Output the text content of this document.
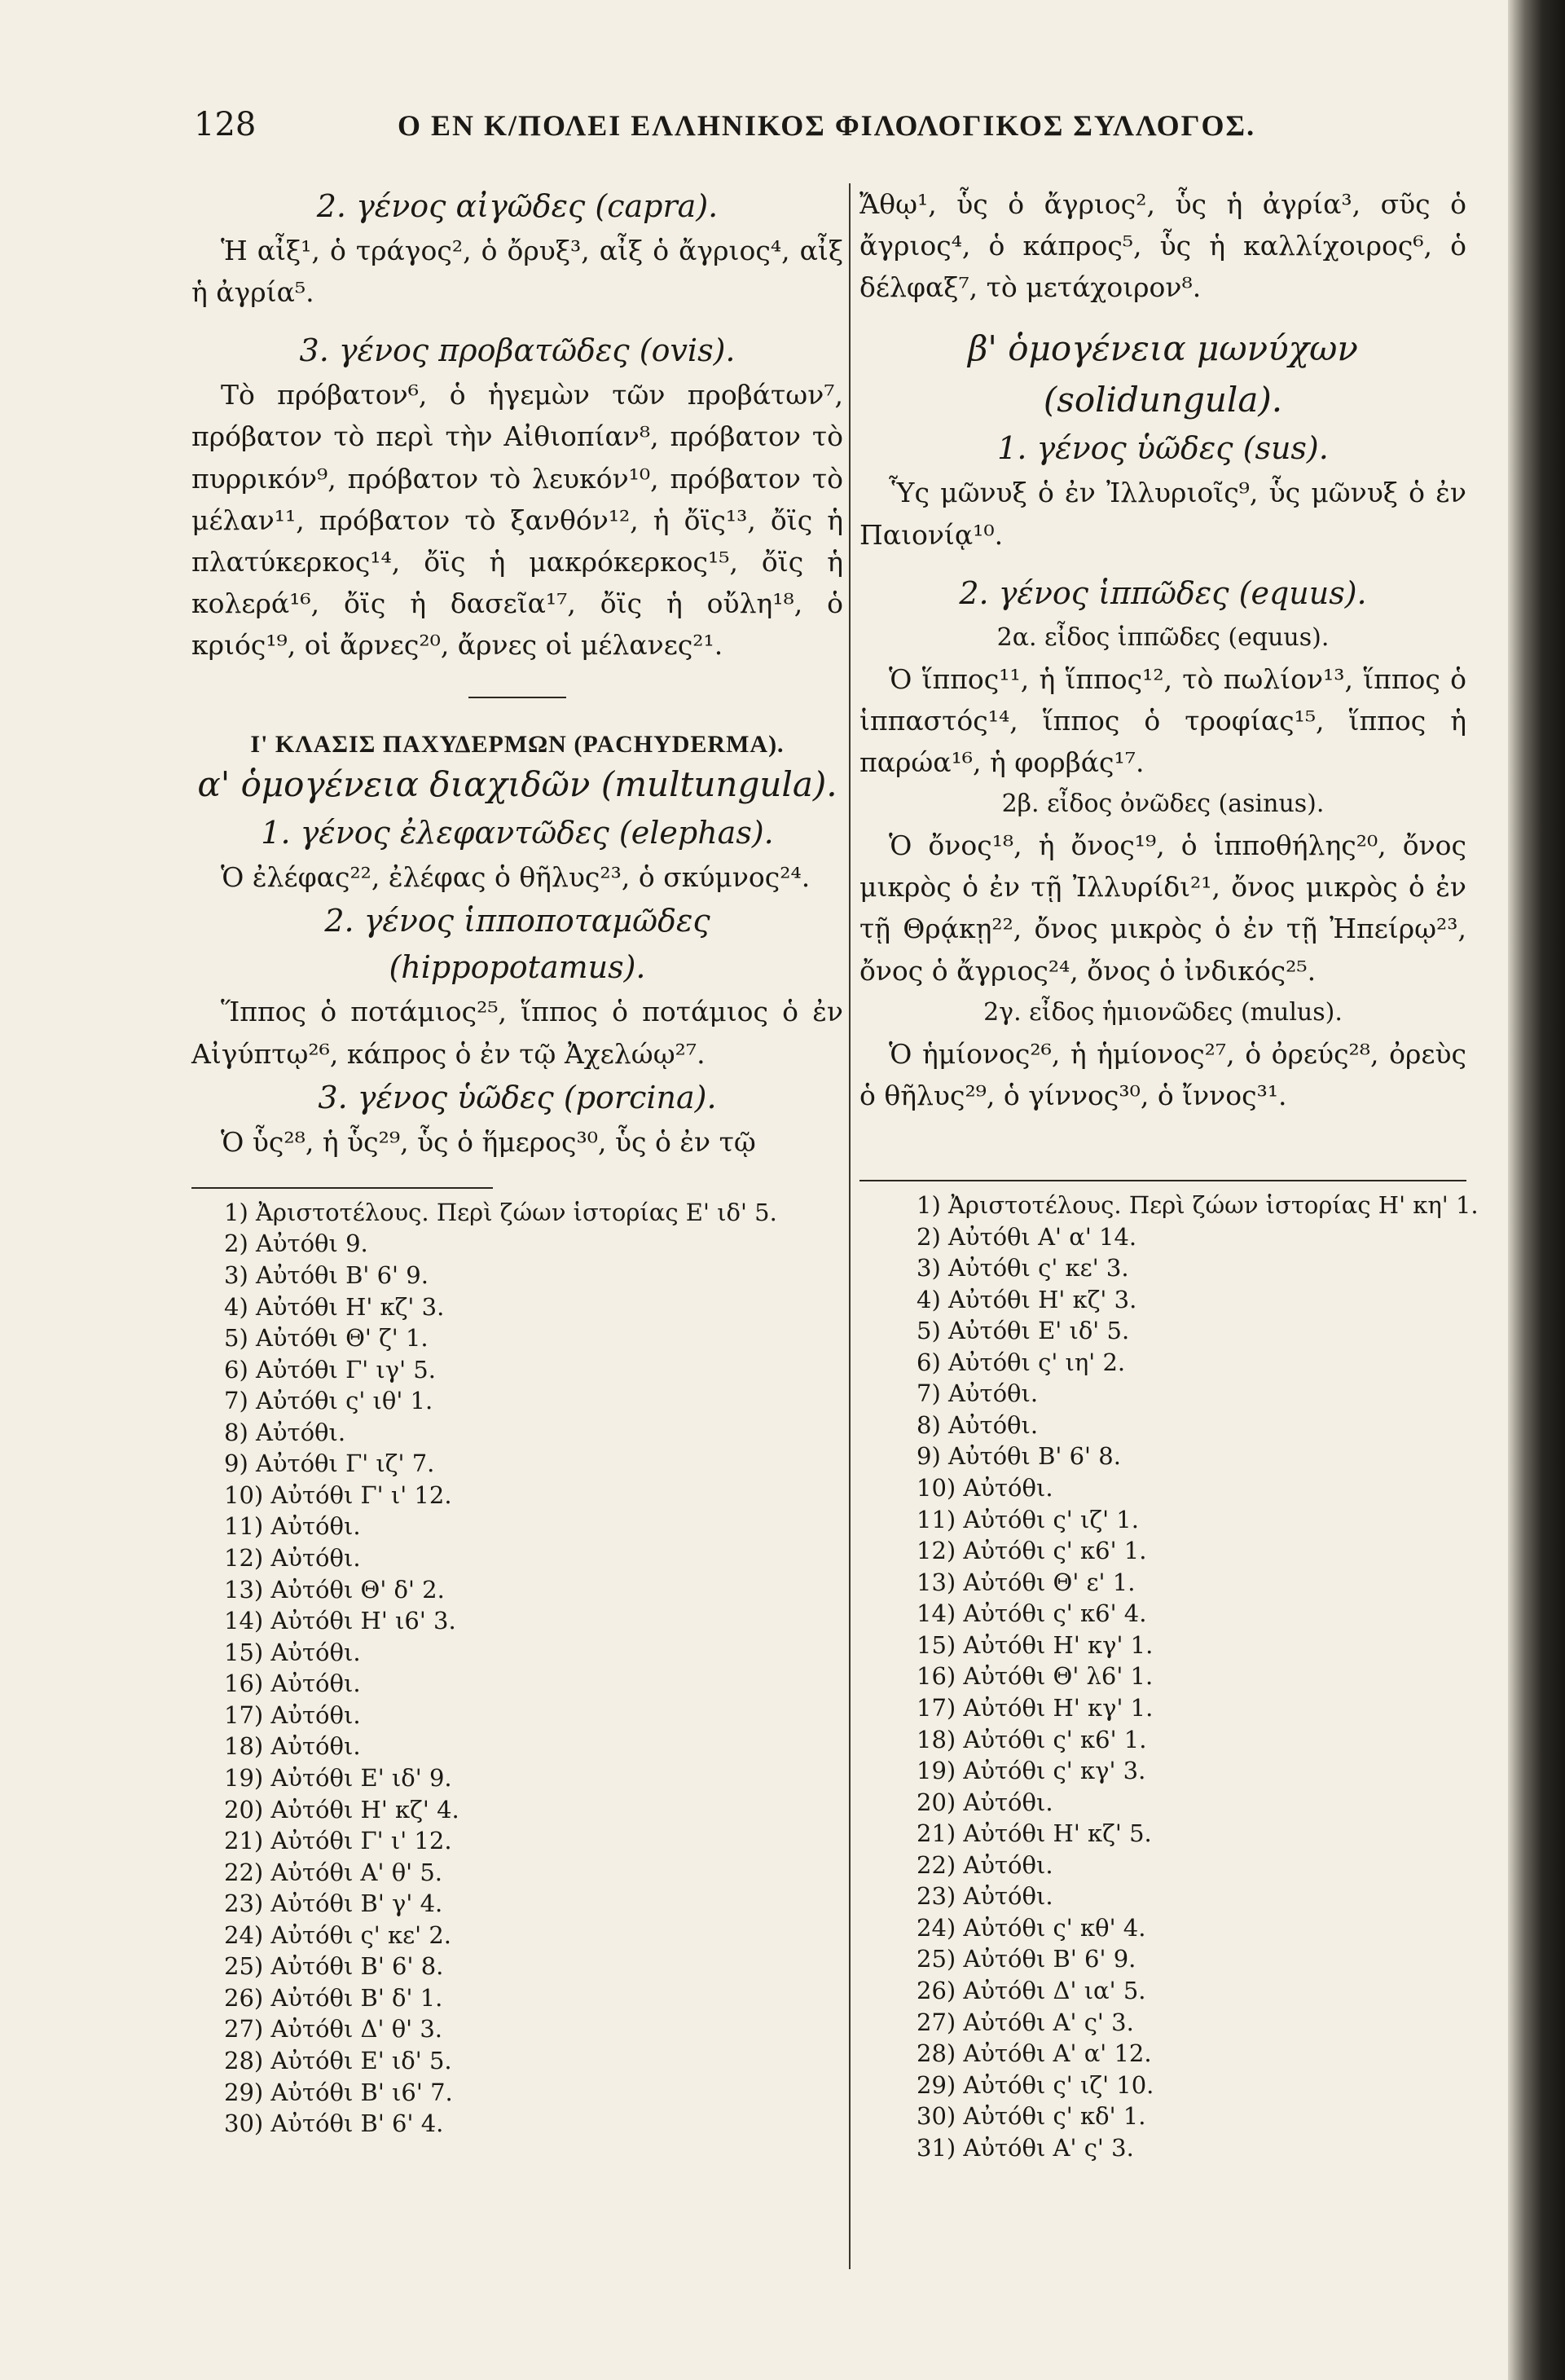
128	Ο ΕΝ Κ/ΠΟΛΕΙ ΕΛΛΗΝΙΚΟΣ ΦΙΛΟΛΟΓΙΚΟΣ ΣΥΛΛΟΓΟΣ.

2. γένος αἰγῶδες (capra).

Ἡ αἶξ¹, ὁ τράγος², ὁ ὄρυξ³, αἶξ ὁ ἄγριος⁴, αἶξ ἡ ἀγρία⁵.

3. γένος προβατῶδες (ovis).

Τὸ πρόβατον⁶, ὁ ἡγεμὼν τῶν προβάτων⁷, πρόβατον τὸ περὶ τὴν Αἰθιοπίαν⁸, πρόβατον τὸ πυρρικόν⁹, πρόβατον τὸ λευκόν¹⁰, πρόβατον τὸ μέλαν¹¹, πρόβατον τὸ ξανθόν¹², ἡ ὄϊς¹³, ὄϊς ἡ πλατύκερκος¹⁴, ὄϊς ἡ μακρόκερκος¹⁵, ὄϊς ἡ κολερά¹⁶, ὄϊς ἡ δασεῖα¹⁷, ὄϊς ἡ οὔλη¹⁸, ὁ κριός¹⁹, οἱ ἄρνες²⁰, ἄρνες οἱ μέλανες²¹.

Ι' ΚΛΑΣΙΣ ΠΑΧΥΔΕΡΜΩΝ (PACHYDERMA).

α' ὁμογένεια διαχιδῶν (multungula).

1. γένος ἐλεφαντῶδες (elephas).

Ὁ ἐλέφας²², ἐλέφας ὁ θῆλυς²³, ὁ σκύμνος²⁴.

2. γένος ἱπποποταμῶδες (hippopotamus).

Ἵππος ὁ ποτάμιος²⁵, ἵππος ὁ ποτάμιος ὁ ἐν Αἰγύπτῳ²⁶, κάπρος ὁ ἐν τῷ Ἀχελώῳ²⁷.

3. γένος ὑῶδες (porcina).

Ὁ ὗς²⁸, ἡ ὗς²⁹, ὗς ὁ ἥμερος³⁰, ὗς ὁ ἐν τῷ

1) Ἀριστοτέλους. Περὶ ζώων ἱστορίας Ε' ιδ' 5.
2) Αὐτόθι 9.
3) Αὐτόθι Β' 6' 9.
4) Αὐτόθι Η' κζ' 3.
5) Αὐτόθι Θ' ζ' 1.
6) Αὐτόθι Γ' ιγ' 5.
7) Αὐτόθι ς' ιθ' 1.
8) Αὐτόθι.
9) Αὐτόθι Γ' ιζ' 7.
10) Αὐτόθι Γ' ι' 12.
11) Αὐτόθι.
12) Αὐτόθι.
13) Αὐτόθι Θ' δ' 2.
14) Αὐτόθι Η' ι6' 3.
15) Αὐτόθι.
16) Αὐτόθι.
17) Αὐτόθι.
18) Αὐτόθι.
19) Αὐτόθι Ε' ιδ' 9.
20) Αὐτόθι Η' κζ' 4.
21) Αὐτόθι Γ' ι' 12.
22) Αὐτόθι Α' θ' 5.
23) Αὐτόθι Β' γ' 4.
24) Αὐτόθι ς' κε' 2.
25) Αὐτόθι Β' 6' 8.
26) Αὐτόθι Β' δ' 1.
27) Αὐτόθι Δ' θ' 3.
28) Αὐτόθι Ε' ιδ' 5.
29) Αὐτόθι Β' ι6' 7.
30) Αὐτόθι Β' 6' 4.

Ἄθῳ¹, ὗς ὁ ἄγριος², ὗς ἡ ἀγρία³, σῦς ὁ ἄγριος⁴, ὁ κάπρος⁵, ὗς ἡ καλλίχοιρος⁶, ὁ δέλφαξ⁷, τὸ μετάχοιρον⁸.

β' ὁμογένεια μωνύχων (solidungula).

1. γένος ὑῶδες (sus).

Ὗς μῶνυξ ὁ ἐν Ἰλλυριοῖς⁹, ὗς μῶνυξ ὁ ἐν Παιονίᾳ¹⁰.

2. γένος ἱππῶδες (equus).

2α. εἶδος ἱππῶδες (equus).

Ὁ ἵππος¹¹, ἡ ἵππος¹², τὸ πωλίον¹³, ἵππος ὁ ἱππαστός¹⁴, ἵππος ὁ τροφίας¹⁵, ἵππος ἡ παρώα¹⁶, ἡ φορβάς¹⁷.

2β. εἶδος ὀνῶδες (asinus).

Ὁ ὄνος¹⁸, ἡ ὄνος¹⁹, ὁ ἱπποθήλης²⁰, ὄνος μικρὸς ὁ ἐν τῇ Ἰλλυρίδι²¹, ὄνος μικρὸς ὁ ἐν τῇ Θρᾴκῃ²², ὄνος μικρὸς ὁ ἐν τῇ Ἠπείρῳ²³, ὄνος ὁ ἄγριος²⁴, ὄνος ὁ ἰνδικός²⁵.

2γ. εἶδος ἡμιονῶδες (mulus).

Ὁ ἡμίονος²⁶, ἡ ἡμίονος²⁷, ὁ ὀρεύς²⁸, ὀρεὺς ὁ θῆλυς²⁹, ὁ γίννος³⁰, ὁ ἴννος³¹.

1) Ἀριστοτέλους. Περὶ ζώων ἱστορίας Η' κη' 1.
2) Αὐτόθι Α' α' 14.
3) Αὐτόθι ς' κε' 3.
4) Αὐτόθι Η' κζ' 3.
5) Αὐτόθι Ε' ιδ' 5.
6) Αὐτόθι ς' ιη' 2.
7) Αὐτόθι.
8) Αὐτόθι.
9) Αὐτόθι Β' 6' 8.
10) Αὐτόθι.
11) Αὐτόθι ς' ιζ' 1.
12) Αὐτόθι ς' κ6' 1.
13) Αὐτόθι Θ' ε' 1.
14) Αὐτόθι ς' κ6' 4.
15) Αὐτόθι Η' κγ' 1.
16) Αὐτόθι Θ' λ6' 1.
17) Αὐτόθι Η' κγ' 1.
18) Αὐτόθι ς' κ6' 1.
19) Αὐτόθι ς' κγ' 3.
20) Αὐτόθι.
21) Αὐτόθι Η' κζ' 5.
22) Αὐτόθι.
23) Αὐτόθι.
24) Αὐτόθι ς' κθ' 4.
25) Αὐτόθι Β' 6' 9.
26) Αὐτόθι Δ' ια' 5.
27) Αὐτόθι Α' ς' 3.
28) Αὐτόθι Α' α' 12.
29) Αὐτόθι ς' ιζ' 10.
30) Αὐτόθι ς' κδ' 1.
31) Αὐτόθι Α' ς' 3.
